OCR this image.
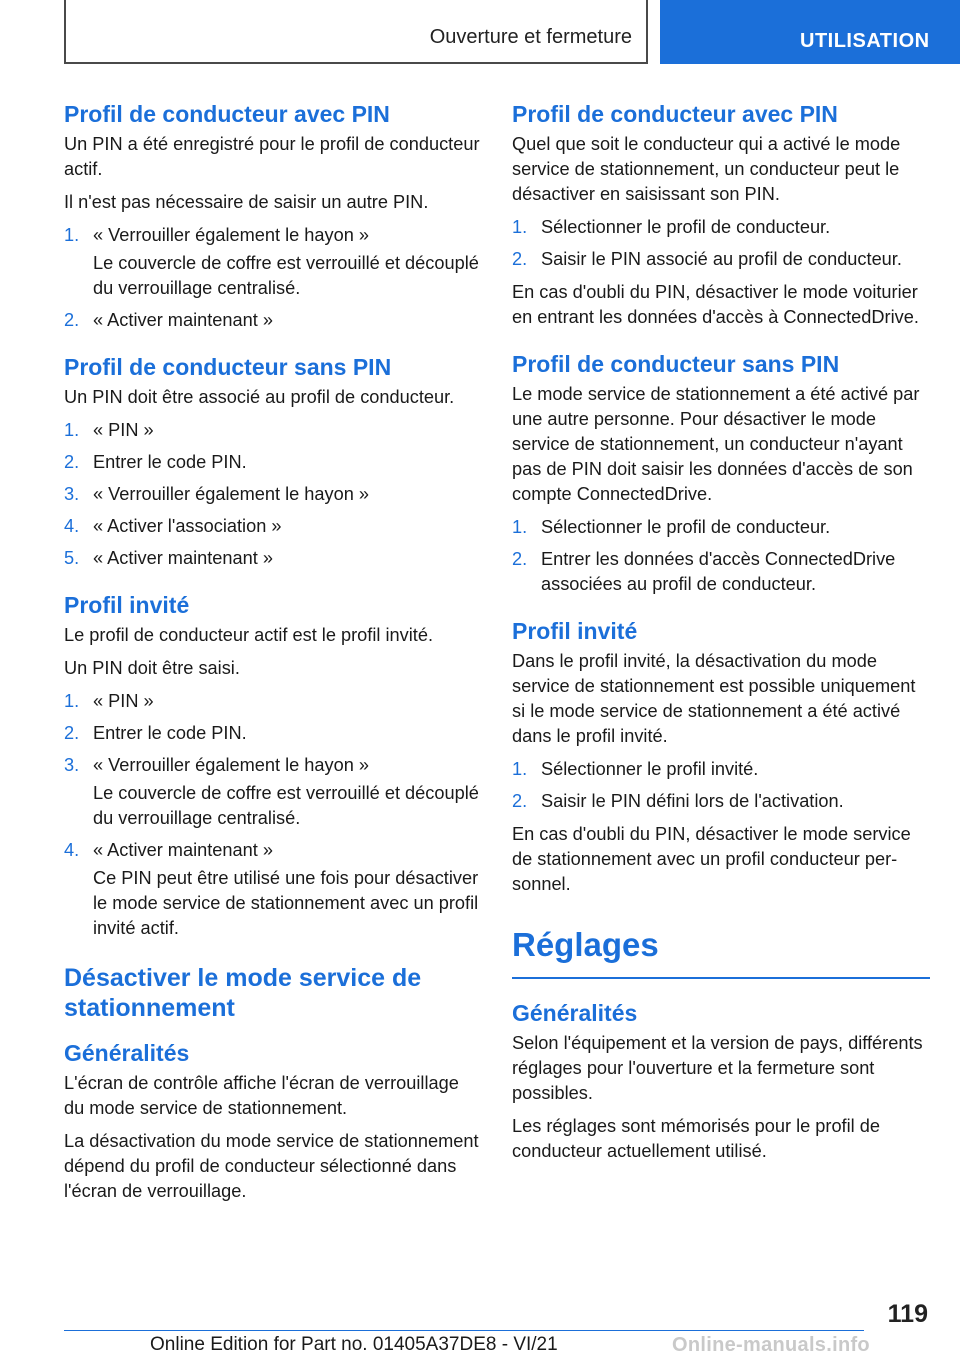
Ouverture et fermeture	UTILISATION
Profil de conducteur avec PIN

Un PIN a été enregistré pour le profil de conducteur actif.

Il n'est pas nécessaire de saisir un autre PIN.

1. « Verrouiller également le hayon »
Le couvercle de coffre est verrouillé et découplé du verrouillage centralisé.
2. « Activer maintenant »
Profil de conducteur sans PIN

Un PIN doit être associé au profil de conducteur.

1. « PIN »
2. Entrer le code PIN.
3. « Verrouiller également le hayon »
4. « Activer l'association »
5. « Activer maintenant »
Profil invité

Le profil de conducteur actif est le profil invité.

Un PIN doit être saisi.

1. « PIN »
2. Entrer le code PIN.
3. « Verrouiller également le hayon »
Le couvercle de coffre est verrouillé et découplé du verrouillage centralisé.
4. « Activer maintenant »
Ce PIN peut être utilisé une fois pour désactiver le mode service de stationnement avec un profil invité actif.
Désactiver le mode service de stationnement
Généralités

L'écran de contrôle affiche l'écran de verrouillage du mode service de stationnement.

La désactivation du mode service de stationnement dépend du profil de conducteur sélectionné dans l'écran de verrouillage.

Profil de conducteur avec PIN

Quel que soit le conducteur qui a activé le mode service de stationnement, un conducteur peut le désactiver en saisissant son PIN.

1. Sélectionner le profil de conducteur.
2. Saisir le PIN associé au profil de conducteur.

En cas d'oubli du PIN, désactiver le mode voiturier en entrant les données d'accès à ConnectedDrive.

Profil de conducteur sans PIN

Le mode service de stationnement a été activé par une autre personne. Pour désactiver le mode service de stationnement, un conducteur n'ayant pas de PIN doit saisir les données d'accès de son compte ConnectedDrive.

1. Sélectionner le profil de conducteur.
2. Entrer les données d'accès ConnectedDrive associées au profil de conducteur.
Profil invité

Dans le profil invité, la désactivation du mode service de stationnement est possible uniquement si le mode service de stationnement a été activé dans le profil invité.

1. Sélectionner le profil invité.
2. Saisir le PIN défini lors de l'activation.

En cas d'oubli du PIN, désactiver le mode service de stationnement avec un profil conducteur personnel.

Réglages
Généralités

Selon l'équipement et la version de pays, différents réglages pour l'ouverture et la fermeture sont possibles.

Les réglages sont mémorisés pour le profil de conducteur actuellement utilisé.

119
Online Edition for Part no. 01405A37DE8 - VI/21	Online-manuals.info
